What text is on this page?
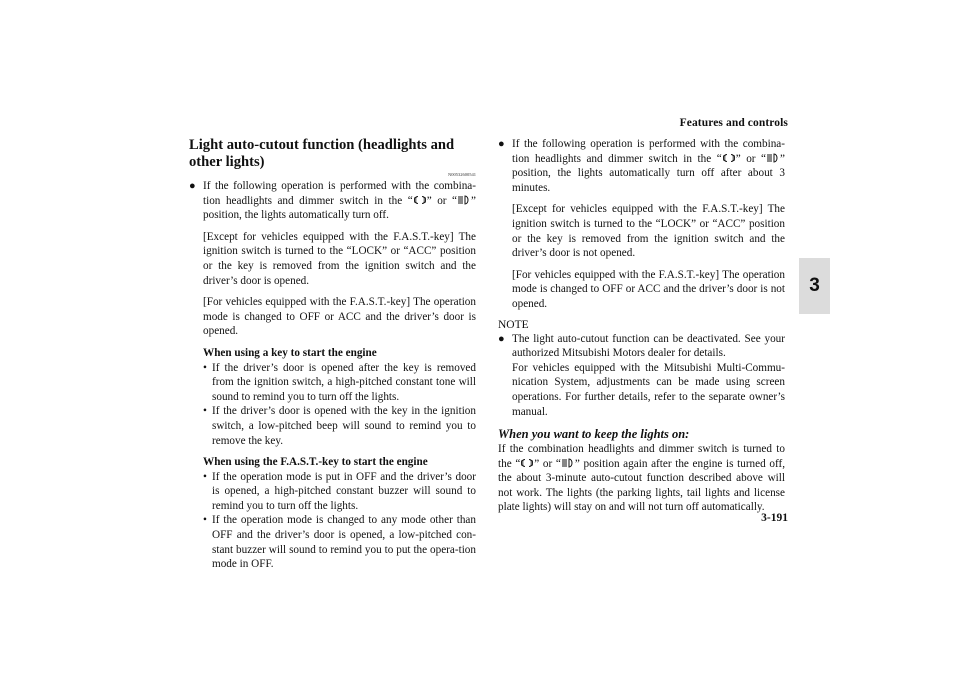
Features and controls
3
3-191
Light auto-cutout function (headlights and other lights)
N00532600541
● If the following operation is performed with the combina-tion headlights and dimmer switch in the “ ” or “ ” position, the lights automatically turn off.

[Except for vehicles equipped with the F.A.S.T.-key] The ignition switch is turned to the “LOCK” or “ACC” position or the key is removed from the ignition switch and the driver’s door is opened.

[For vehicles equipped with the F.A.S.T.-key] The operation mode is changed to OFF or ACC and the driver’s door is opened.

When using a key to start the engine

• If the driver’s door is opened after the key is removed from the ignition switch, a high-pitched constant tone will sound to remind you to turn off the lights.
• If the driver’s door is opened with the key in the ignition switch, a low-pitched beep will sound to remind you to remove the key.

When using the F.A.S.T.-key to start the engine

• If the operation mode is put in OFF and the driver’s door is opened, a high-pitched constant buzzer will sound to remind you to turn off the lights.
• If the operation mode is changed to any mode other than OFF and the driver’s door is opened, a low-pitched con-stant buzzer will sound to remind you to put the opera-tion mode in OFF.
● If the following operation is performed with the combina-tion headlights and dimmer switch in the “ ” or “ ” position, the lights automatically turn off after about 3 minutes.

[Except for vehicles equipped with the F.A.S.T.-key] The ignition switch is turned to the “LOCK” or “ACC” position or the key is removed from the ignition switch and the driver’s door is not opened.

[For vehicles equipped with the F.A.S.T.-key] The operation mode is changed to OFF or ACC and the driver’s door is not opened.

NOTE
● The light auto-cutout function can be deactivated. See your authorized Mitsubishi Motors dealer for details.

For vehicles equipped with the Mitsubishi Multi-Commu-nication System, adjustments can be made using screen operations. For further details, refer to the separate owner’s manual.

When you want to keep the lights on:

If the combination headlights and dimmer switch is turned to the “ ” or “ ” position again after the engine is turned off, the about 3-minute auto-cutout function described above will not work. The lights (the parking lights, tail lights and license plate lights) will stay on and will not turn off automatically.
